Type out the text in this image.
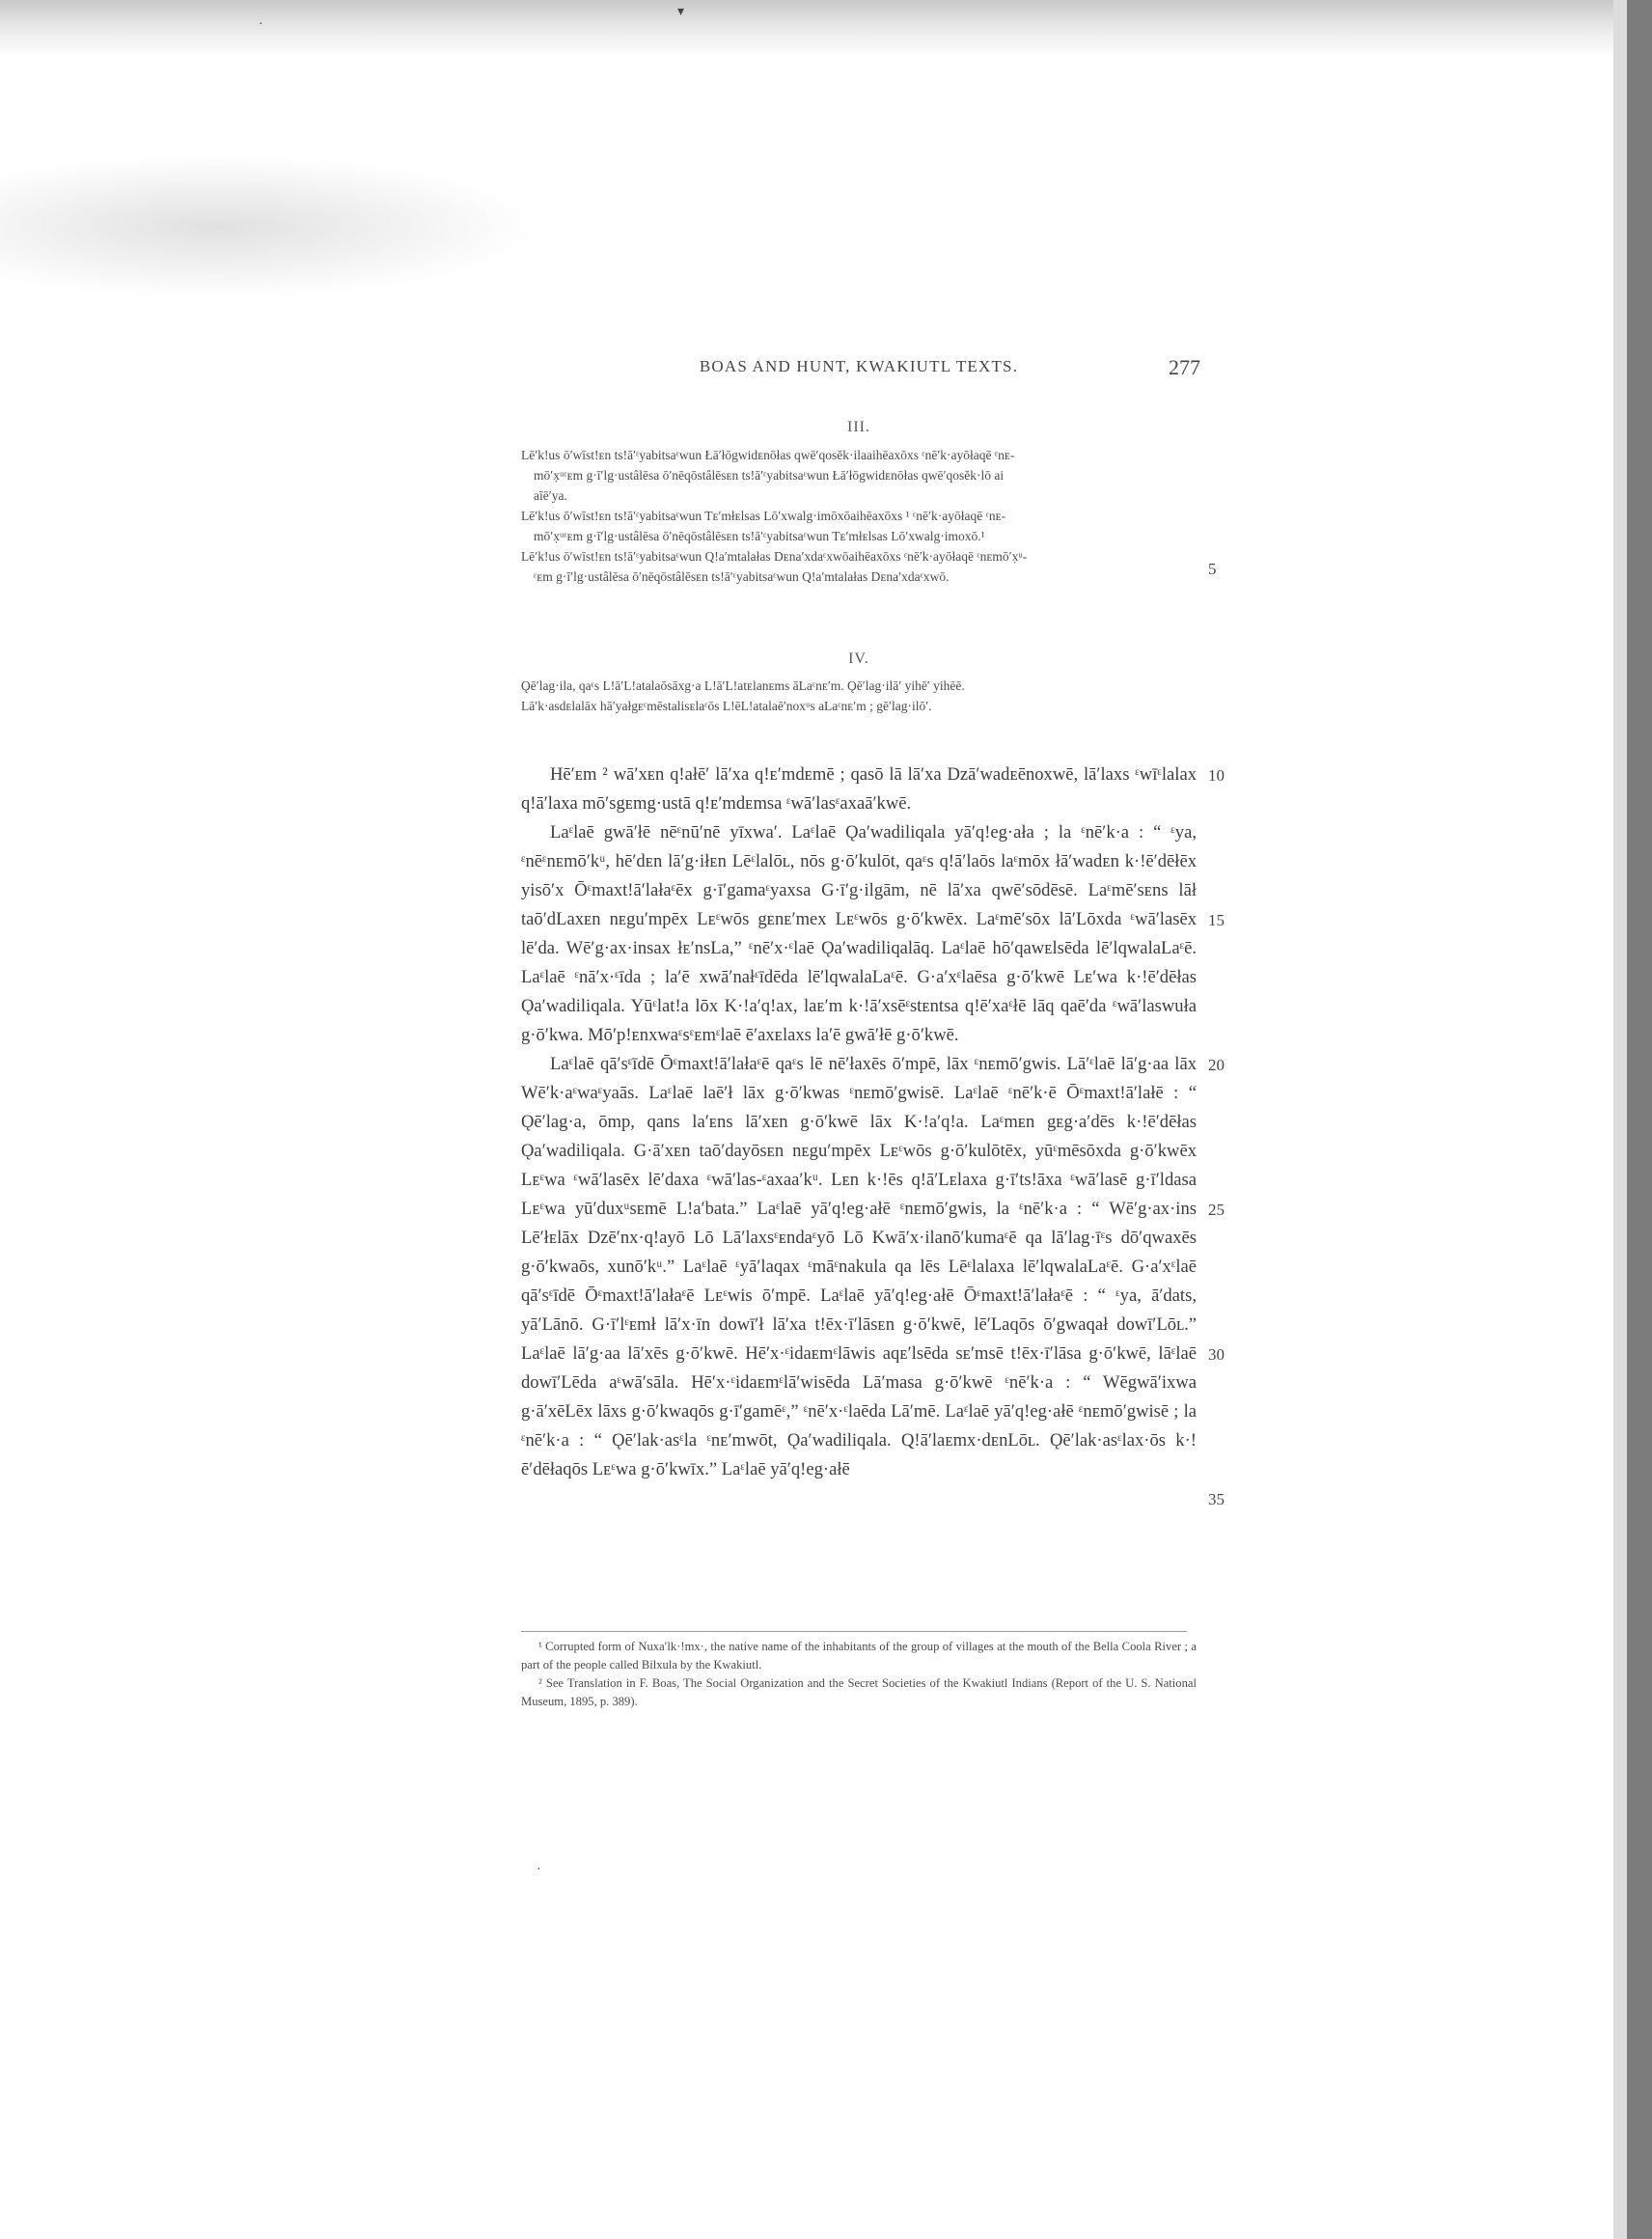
·
▾
·
BOAS AND HUNT, KWAKIUTL TEXTS.	277
III.

Lē′k!us ō′wīst!ᴇn ts!ā′ᵋyabitsaᵋwun Łā′łōgwidᴇnōłas qwē′qosĕk·ilaaihēaxōxs ᵋnē′k·ayōłaqē ᵋnᴇ-

mō′x̣ᵘᵋᴇm g·ī′lg·ustâlēsa ō′nēqōstâlēsᴇn ts!ā′ᵋyabitsaᵋwun Łā′łōgwidᴇnōłas qwē′qosĕk·lō ai

aīē′ya.

Lē′k!us ō′wīst!ᴇn ts!ā′ᵋyabitsaᵋwun Tᴇ′młᴇlsas Lō′xwalg·imōxōaihēaxōxs ¹ ᵋnē′k·ayōłaqē ᵋnᴇ-

mō′x̣ᵘᵋᴇm g·ī′lg·ustâlēsa ō′nēqōstâlēsᴇn ts!ā′ᵋyabitsaᵋwun Tᴇ′młᴇlsas Lō′xwalg·imoxō.¹

Lē′k!us ō′wīst!ᴇn ts!ā′ᵋyabitsaᵋwun Q!a′mtalałas Dᴇna′xdaᵋxwōaihēaxōxs ᵋnē′k·ayōłaqē ᵋnᴇmō′x̣ᵘ-

ᵋᴇm g·ī′lg·ustâlēsa ō′nēqōstâlēsᴇn ts!ā′ᵋyabitsaᵋwun Q!a′mtalałas Dᴇna′xdaᵋxwō.

IV.

Ǫē′lag·ila, qaᵋs L!ā′L!atalaōsāxg·a L!ā′L!atᴇlanᴇms āLaᵋnᴇ′m. Ǫē′lag·ilā′ yihē′ yihēē.

Lā′k·asdᴇlalāx hā′yałgᴇᵋmēstalisᴇlaᵋōs L!ēL!atalaē′noxᵘs aLaᵋnᴇ′m ; gē′lag·ilō′.

Hē′ᴇm ² wā′xᴇn q!ałē′ lā′xa q!ᴇ′mdᴇmē ; qasō lā lā′xa Dzā′wadᴇēnoxwē, lā′laxs ᵋwīᵋlalax q!ā′laxa mō′sgᴇmg·ustā q!ᴇ′mdᴇmsa ᵋwā′lasᵋaxaā′kwē.

Laᵋlaē gwā′łē nēᵋnū′nē yīxwa′. Laᵋlaē Ǫa′wadiliqala yā′q!eg·ała ; la ᵋnē′k·a : “ ᵋya, ᵋnēᵋnᴇmō′kᵘ, hē′dᴇn lā′g·iłᴇn Lēᵋlalōʟ, nōs g·ō′kulōt, qaᵋs q!ā′laōs laᵋmōx łā′wadᴇn k·!ē′dēłēx yisō′x Ōᵋmaxt!ā′lałaᵋēx g·ī′gamaᵋyaxsa G·ī′g·ilgām, nē lā′xa qwē′sōdēsē. Laᵋmē′sᴇns lāł taō′dLaxᴇn nᴇgu′mpēx Lᴇᵋwōs gᴇnᴇ′mex Lᴇᵋwōs g·ō′kwēx. Laᵋmē′sōx lā′Lōxda ᵋwā′lasēx lē′da. Wē′g·ax·insax łᴇ′nsLa,” ᵋnē′x·ᵋlaē Ǫa′wadiliqalāq. Laᵋlaē hō′qawᴇlsēda lē′lqwalaLaᵋē. Laᵋlaē ᵋnā′x·ᵋīda ; la′ē xwā′nałᵋīdēda lē′lqwalaLaᵋē. G·a′xᵋlaēsa g·ō′kwē Lᴇ′wa k·!ē′dēłas Ǫa′wadiliqala. Yūᵋlat!a lōx K·!a′q!ax, laᴇ′m k·!ā′xsēᵋstᴇntsa q!ē′xaᵋłē lāq qaē′da ᵋwā′laswuła g·ō′kwa. Mō′p!ᴇnxwaᵋsᵋᴇmᵋlaē ē′axᴇlaxs la′ē gwā′łē g·ō′kwē.

Laᵋlaē qā′sᵋīdē Ōᵋmaxt!ā′lałaᵋē qaᵋs lē nē′łaxēs ō′mpē, lāx ᵋnᴇmō′gwis. Lā′ᵋlaē lā′g·aa lāx Wē′k·aᵋwaᵋyaās. Laᵋlaē laē′ł lāx g·ō′kwas ᵋnᴇmō′gwisē. Laᵋlaē ᵋnē′k·ē Ōᵋmaxt!ā′lałē : “ Ǫē′lag·a, ōmp, qans la′ᴇns lā′xᴇn g·ō′kwē lāx K·!a′q!a. Laᵋmᴇn gᴇg·a′dēs k·!ē′dēłas Ǫa′wadiliqala. G·ā′xᴇn taō′dayōsᴇn nᴇgu′mpēx Lᴇᵋwōs g·ō′kulōtēx, yūᵋmēsōxda g·ō′kwēx Lᴇᵋwa ᵋwā′lasēx lē′daxa ᵋwā′las-ᵋaxaa′kᵘ. Lᴇn k·!ēs q!ā′Lᴇlaxa g·ī′ts!āxa ᵋwā′lasē g·ī′ldasa Lᴇᵋwa yū′duxᵘsᴇmē L!a′bata.” Laᵋlaē yā′q!eg·ałē ᵋnᴇmō′gwis, la ᵋnē′k·a : “ Wē′g·ax·ins Lē′łᴇlāx Dzē′nx·q!ayō Lō Lā′laxsᵋᴇndaᵋyō Lō Kwā′x·ilanō′kumaᵋē qa lā′lag·īᵋs dō′qwaxēs g·ō′kwaōs, xunō′kᵘ.” Laᵋlaē ᵋyā′laqax ᵋmāᵋnakula qa lēs Lēᵋlalaxa lē′lqwalaLaᵋē. G·a′xᵋlaē qā′sᵋīdē Ōᵋmaxt!ā′lałaᵋē Lᴇᵋwis ō′mpē. Laᵋlaē yā′q!eg·ałē Ōᵋmaxt!ā′lałaᵋē : “ ᵋya, ā′dats, yā′Lānō. G·ī′lᵋᴇmł lā′x·īn dowī′ł lā′xa t!ēx·ī′lāsᴇn g·ō′kwē, lē′Laqōs ō′gwaqał dowī′Lōʟ.” Laᵋlaē lā′g·aa lā′xēs g·ō′kwē. Hē′x·ᵋidaᴇmᵋlāwis aqᴇ′lsēda sᴇ′msē t!ēx·ī′lāsa g·ō′kwē, lāᵋlaē dowī′Lēda aᵋwā′sāla. Hē′x·ᵋidaᴇmᵋlā′wisēda Lā′masa g·ō′kwē ᵋnē′k·a : “ Wēgwā′ixwa g·ā′xēLēx lāxs g·ō′kwaqōs g·ī′gamēᵋ,” ᵋnē′x·ᵋlaēda Lā′mē. Laᵋlaē yā′q!eg·ałē ᵋnᴇmō′gwisē ; la ᵋnē′k·a : “ Ǫē′lak·asᵋla ᵋnᴇ′mwōt, Ǫa′wadiliqala. Q!ā′laᴇmx·dᴇnLōʟ. Ǫē′lak·asᵋlax·ōs k·!ē′dēłaqōs Lᴇᵋwa g·ō′kwīx.” Laᵋlaē yā′q!eg·ałē

5
10
15
20
25
30
35

¹ Corrupted form of Nuxa′lk·!mx·, the native name of the inhabitants of the group of villages at the mouth of the Bella Coola River ; a part of the people called Bilxula by the Kwakiutl.

² See Translation in F. Boas, The Social Organization and the Secret Societies of the Kwakiutl Indians (Report of the U. S. National Museum, 1895, p. 389).
